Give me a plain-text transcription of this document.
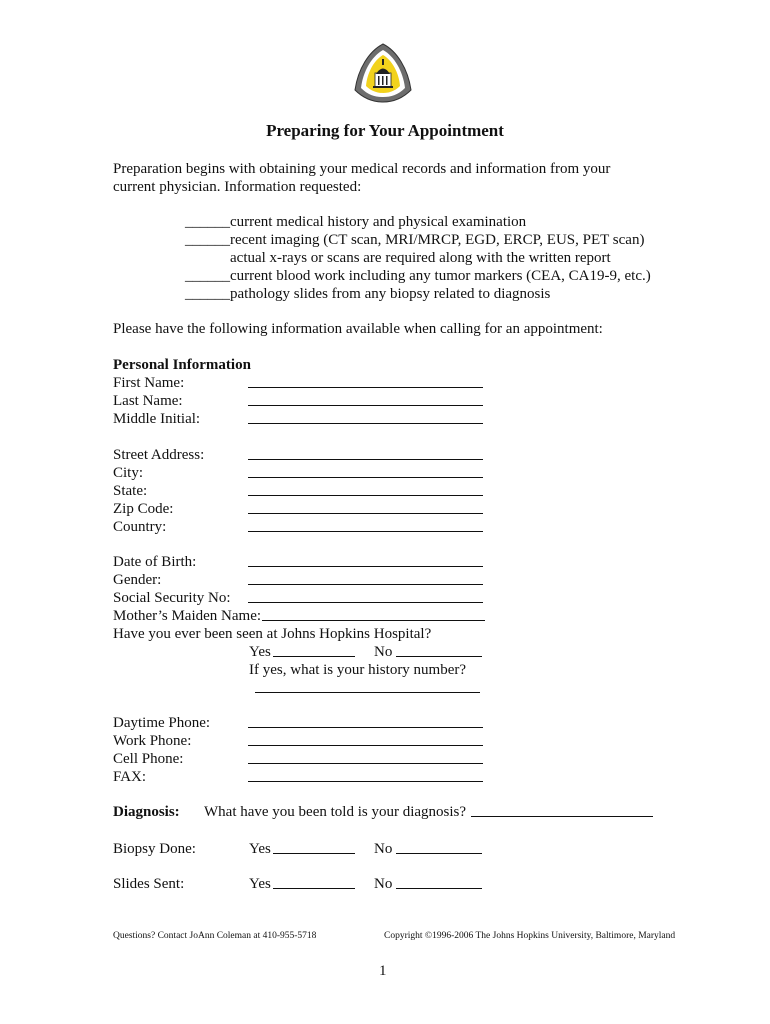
Preparing for Your Appointment
Preparation begins with obtaining your medical records and information from your
current physician. Information requested:
______current medical history and physical examination
______recent imaging (CT scan, MRI/MRCP, EGD, ERCP, EUS, PET scan)
actual x-rays or scans are required along with the written report
______current blood work including any tumor markers (CEA, CA19-9, etc.)
______pathology slides from any biopsy related to diagnosis
Please have the following information available when calling for an appointment:
Personal Information
First Name:
Last Name:
Middle Initial:
Street Address:
City:
State:
Zip Code:
Country:
Date of Birth:
Gender:
Social Security No:
Mother’s Maiden Name:
Have you ever been seen at Johns Hopkins Hospital?
Yes	No
If yes, what is your history number?
Daytime Phone:
Work Phone:
Cell Phone:
FAX:
Diagnosis: What have you been told is your diagnosis?
Biopsy Done:	Yes	No
Slides Sent:	Yes	No
Questions? Contact JoAnn Coleman at 410-955-5718	Copyright ©1996-2006 The Johns Hopkins University, Baltimore, Maryland
1
